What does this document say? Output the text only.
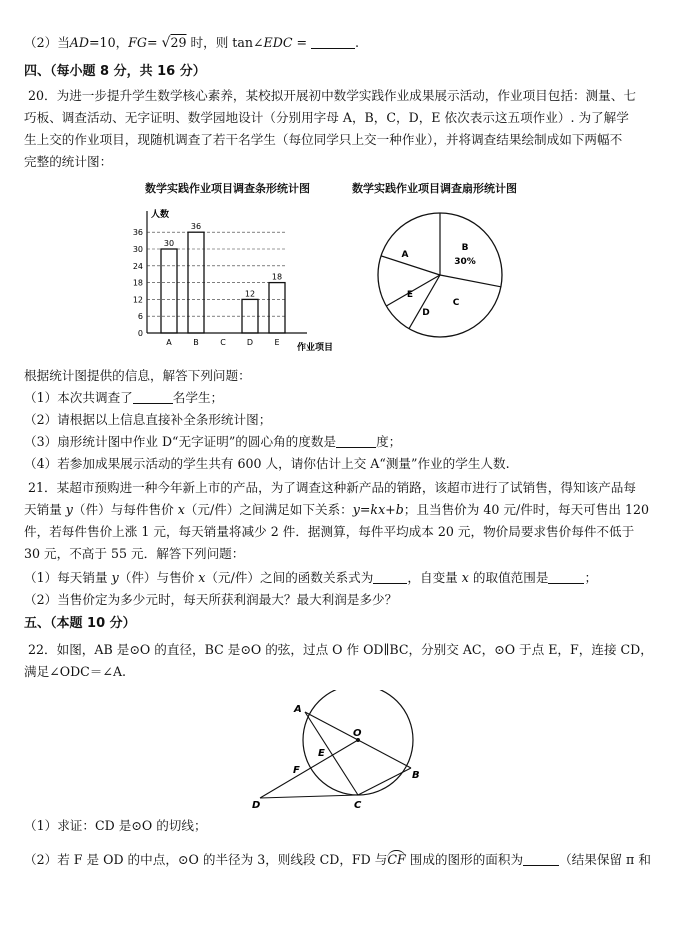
（2）当AD=10，FG= √29 时，则 tan∠EDC =	.
四、（每小题 8 分，共 16 分）
20．为进一步提升学生数学核心素养，某校拟开展初中数学实践作业成果展示活动，作业项目包括：测量、七
巧板、调查活动、无字证明、数学园地设计（分别用字母 A，B，C，D，E 依次表示这五项作业）. 为了解学
生上交的作业项目，现随机调查了若干名学生（每位同学只上交一种作业），并将调查结果绘制成如下两幅不
完整的统计图：
数学实践作业项目调查条形统计图
人数
作业项目
0
6
12
18
24
30
36
A
30
B
36
C	D
12
E
18
数学实践作业项目调查扇形统计图
A
B
30%
C
D
E
根据统计图提供的信息，解答下列问题：
（1）本次共调查了	名学生；
（2）请根据以上信息直接补全条形统计图；
（3）扇形统计图中作业 D“无字证明”的圆心角的度数是	度；
（4）若参加成果展示活动的学生共有 600 人，请你估计上交 A“测量”作业的学生人数.
21．某超市预购进一种今年新上市的产品，为了调查这种新产品的销路，该超市进行了试销售，得知该产品每
天销量 y（件）与每件售价 x（元/件）之间满足如下关系：y=kx+b；且当售价为 40 元/件时，每天可售出 120
件，若每件售价上涨 1 元，每天销量将减少 2 件．据测算，每件平均成本 20 元，物价局要求售价每件不低于
30 元，不高于 55 元．解答下列问题：
（1）每天销量 y（件）与售价 x（元/件）之间的函数关系式为	，自变量 x 的取值范围是	；
（2）当售价定为多少元时，每天所获利润最大？最大利润是多少？
五、（本题 10 分）
22．如图，AB 是⊙O 的直径，BC 是⊙O 的弦，过点 O 作 OD∥BC，分别交 AC，⊙O 于点 E，F，连接 CD，
满足∠ODC＝∠A.
A
O
E
F	B
C
D
（1）求证：CD 是⊙O 的切线；
（2）若 F 是 OD 的中点，⊙O 的半径为 3，则线段 CD，FD 与CF 围成的图形的面积为	（结果保留 π 和
